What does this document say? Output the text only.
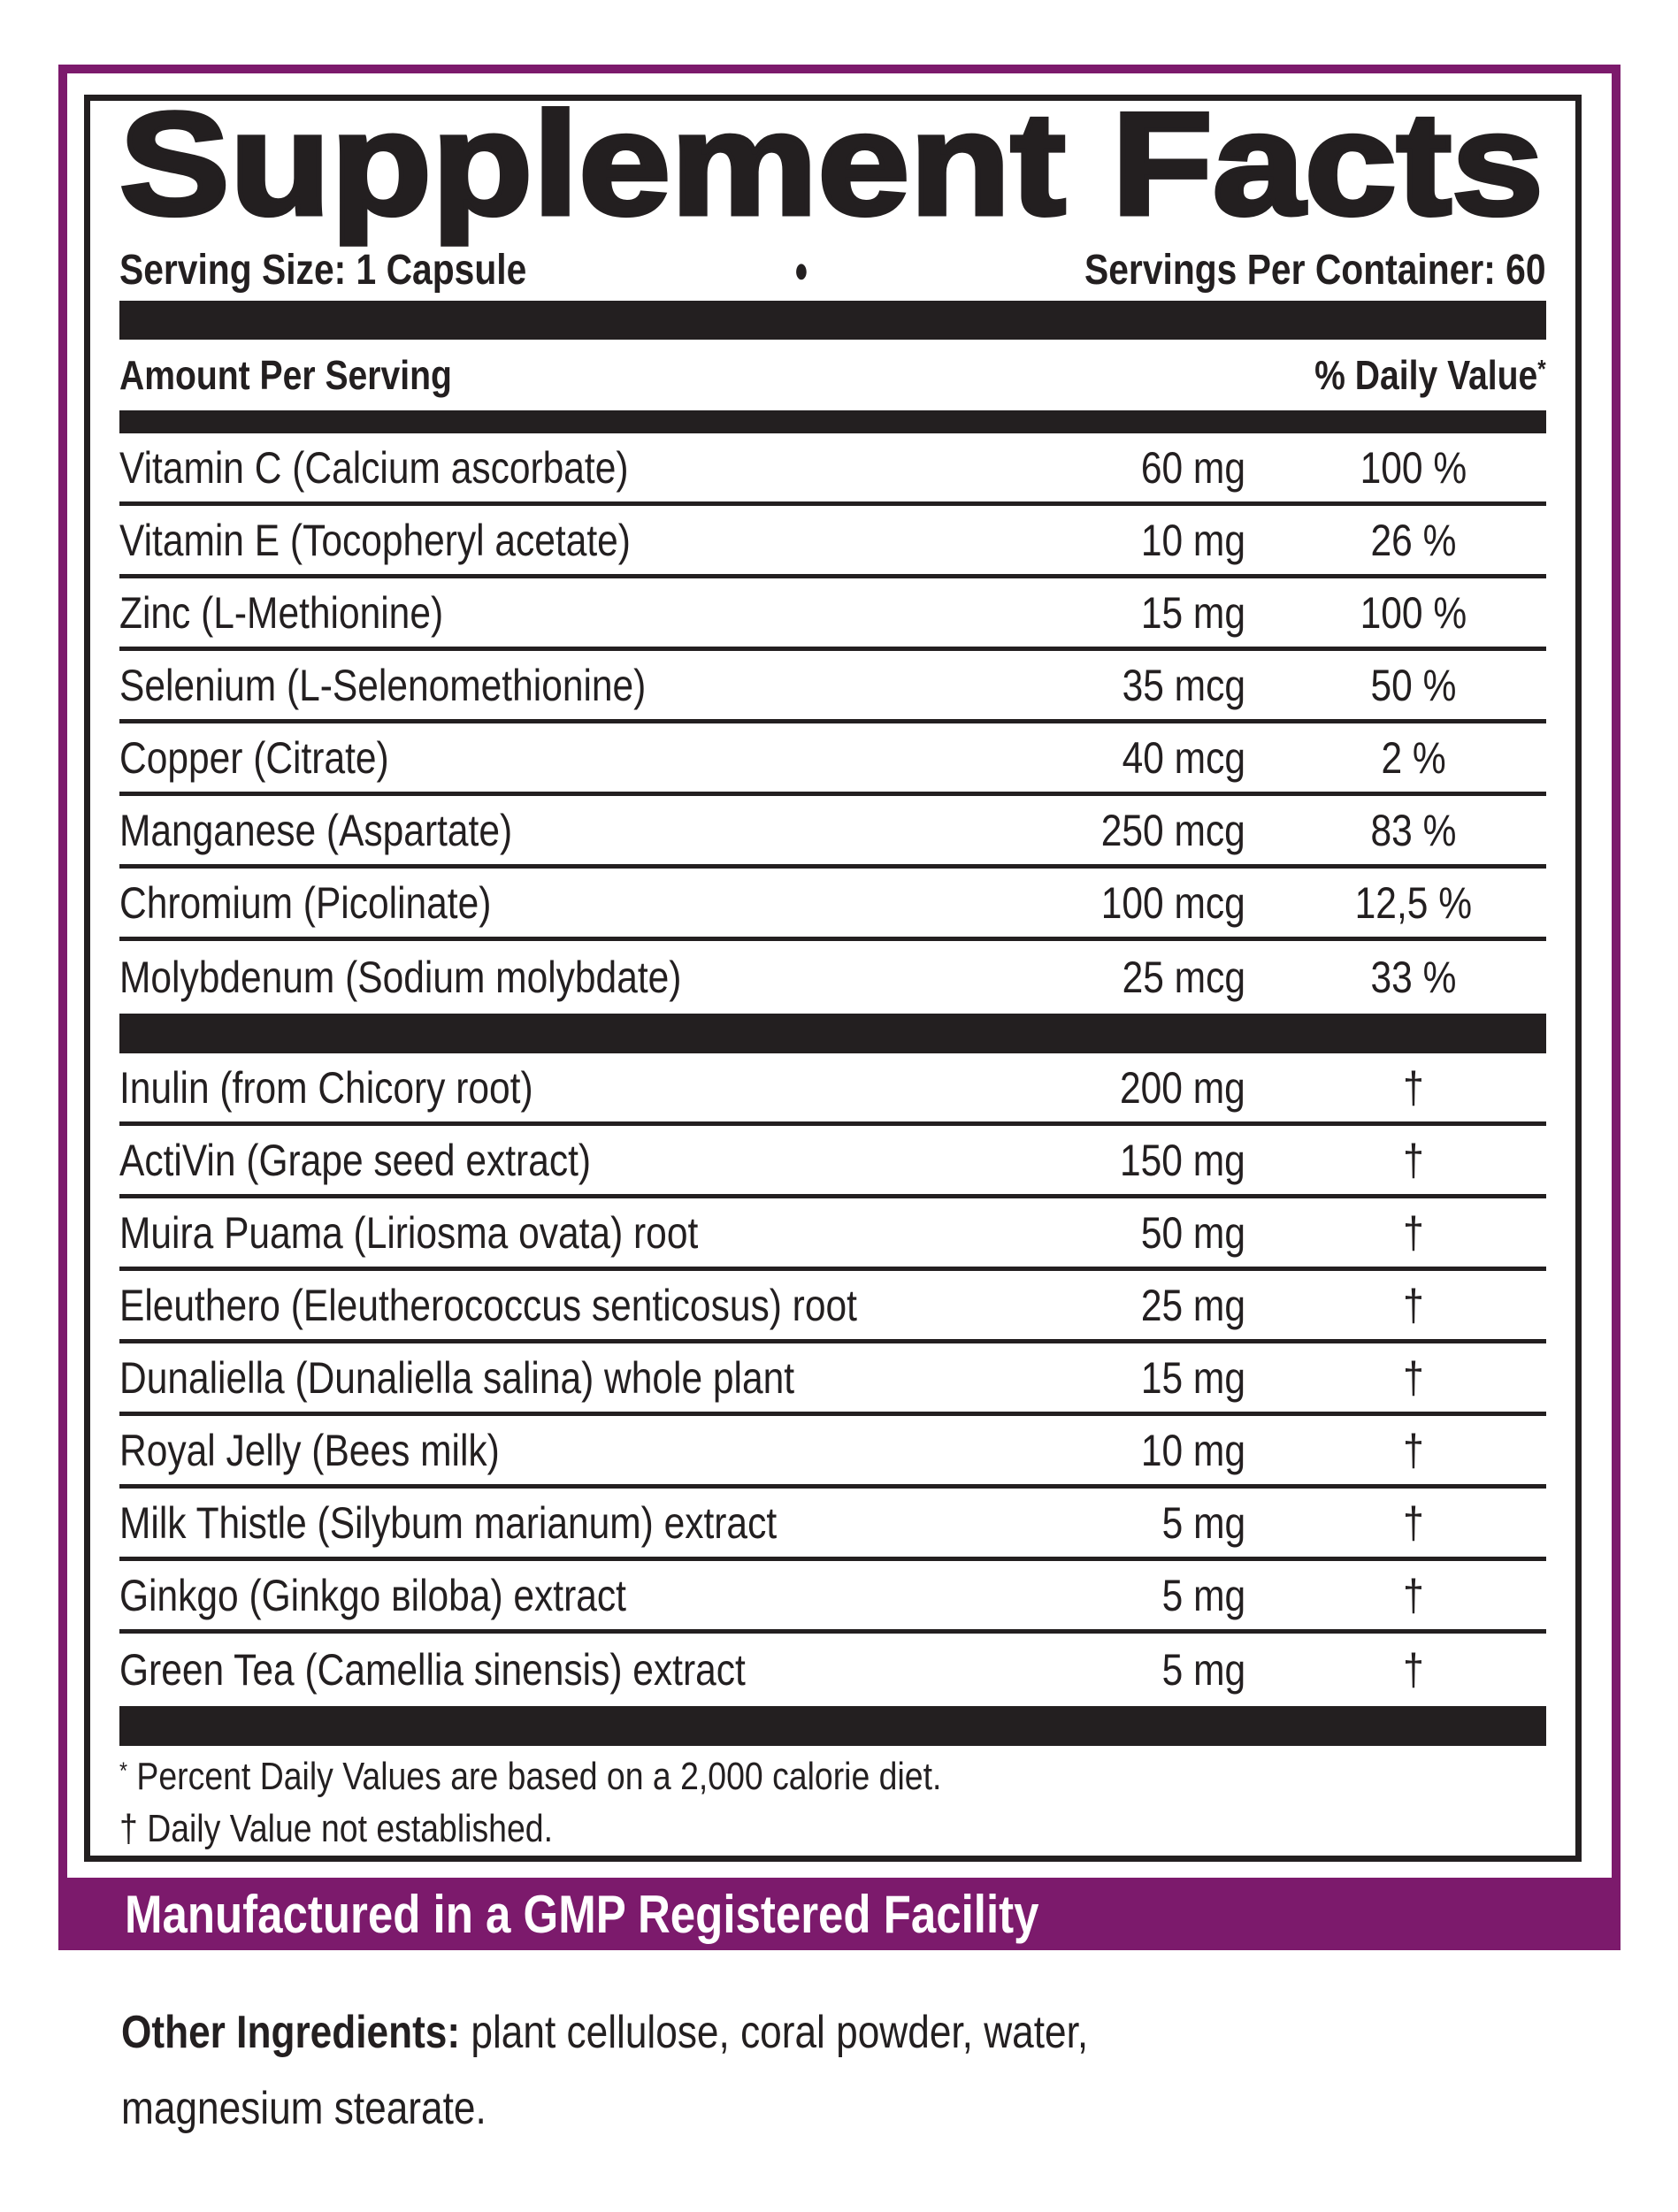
Supplement Facts
Serving Size: 1 Capsule	●	Servings Per Container: 60
Amount Per Serving	% Daily Value*
Vitamin C (Calcium ascorbate)	60 mg	100 %
Vitamin E (Tocopheryl acetate)	10 mg	26 %
Zinc (L-Methionine)	15 mg	100 %
Selenium (L-Selenomethionine)	35 mcg	50 %
Copper (Citrate)	40 mcg	2 %
Manganese (Aspartate)	250 mcg	83 %
Chromium (Picolinate)	100 mcg	12,5 %
Molybdenum (Sodium molybdate)	25 mcg	33 %
Inulin (from Chicory root)	200 mg	†
ActiVin (Grape seed extract)	150 mg	†
Muira Puama (Liriosma ovata) root	50 mg	†
Eleuthero (Eleutherococcus senticosus) root	25 mg	†
Dunaliella (Dunaliella salina) whole plant	15 mg	†
Royal Jelly (Bees milk)	10 mg	†
Milk Thistle (Silybum marianum) extract	5 mg	†
Ginkgo (Ginkgo вiloba) extract	5 mg	†
Green Tea (Camellia sinensis) extract	5 mg	†
* Percent Daily Values are based on a 2,000 calorie diet.
† Daily Value not established.
Manufactured in a GMP Registered Facility
Other Ingredients: plant cellulose, coral powder, water, magnesium stearate.
